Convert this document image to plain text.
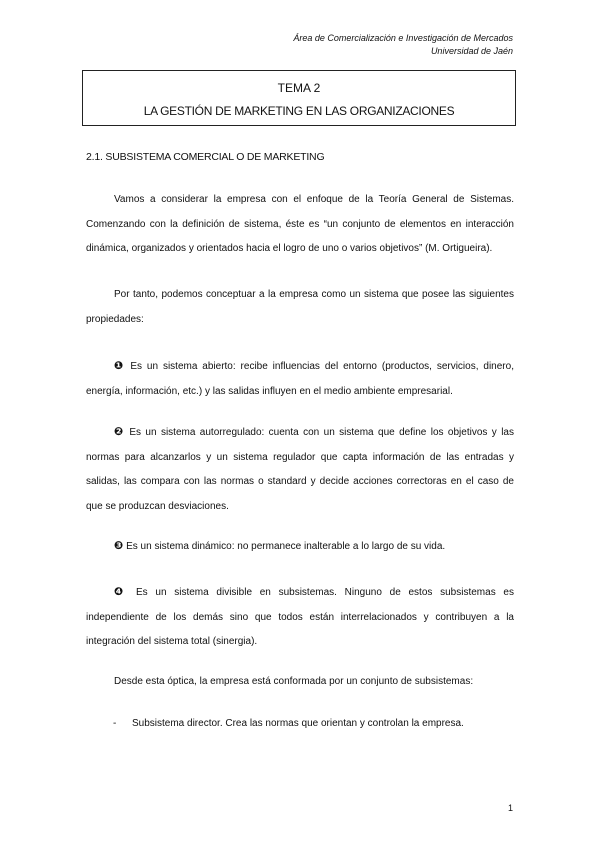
Área de Comercialización e Investigación de Mercados
Universidad de Jaén
TEMA 2
LA GESTIÓN DE MARKETING EN LAS ORGANIZACIONES
2.1. SUBSISTEMA COMERCIAL O DE MARKETING

Vamos a considerar la empresa con el enfoque de la Teoría General de Sistemas. Comenzando con la definición de sistema, éste es “un conjunto de elementos en interacción dinámica, organizados y orientados hacia el logro de uno o varios objetivos” (M. Ortigueira).

Por tanto, podemos conceptuar a la empresa como un sistema que posee las siguientes propiedades:

❶ Es un sistema abierto: recibe influencias del entorno (productos, servicios, dinero, energía, información, etc.) y las salidas influyen en el medio ambiente empresarial.

❷ Es un sistema autorregulado: cuenta con un sistema que define los objetivos y las normas para alcanzarlos y un sistema regulador que capta información de las entradas y salidas, las compara con las normas o standard y decide acciones correctoras en el caso de que se produzcan desviaciones.

❸ Es un sistema dinámico: no permanece inalterable a lo largo de su vida.

❹ Es un sistema divisible en subsistemas. Ninguno de estos subsistemas es independiente de los demás sino que todos están interrelacionados y contribuyen a la integración del sistema total (sinergia).

Desde esta óptica, la empresa está conformada por un conjunto de subsistemas:

- Subsistema director. Crea las normas que orientan y controlan la empresa.
1
